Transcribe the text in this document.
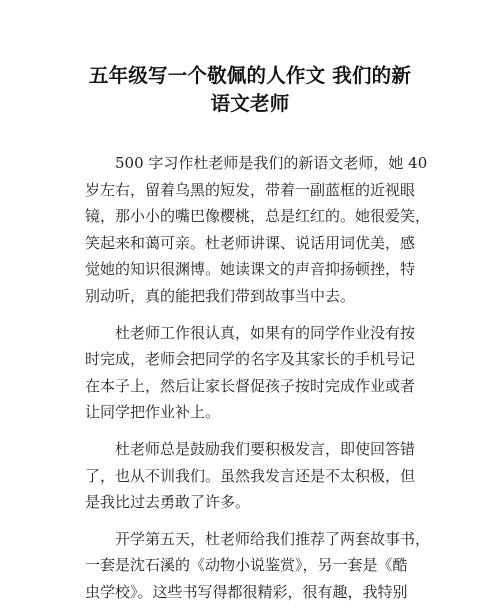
五年级写一个敬佩的人作文 我们的新
语文老师
500 字习作杜老师是我们的新语文老师，她 40
岁左右，留着乌黑的短发，带着一副蓝框的近视眼
镜，那小小的嘴巴像樱桃，总是红红的。她很爱笑，
笑起来和蔼可亲。杜老师讲课、说话用词优美，感
觉她的知识很渊博。她读课文的声音抑扬顿挫，特
别动听，真的能把我们带到故事当中去。
杜老师工作很认真，如果有的同学作业没有按
时完成，老师会把同学的名字及其家长的手机号记
在本子上，然后让家长督促孩子按时完成作业或者
让同学把作业补上。
杜老师总是鼓励我们要积极发言，即使回答错
了，也从不训我们。虽然我发言还是不太积极，但
是我比过去勇敢了许多。
开学第五天，杜老师给我们推荐了两套故事书，
一套是沈石溪的《动物小说鉴赏》，另一套是《酷
虫学校》。这些书写得都很精彩，很有趣，我特别
